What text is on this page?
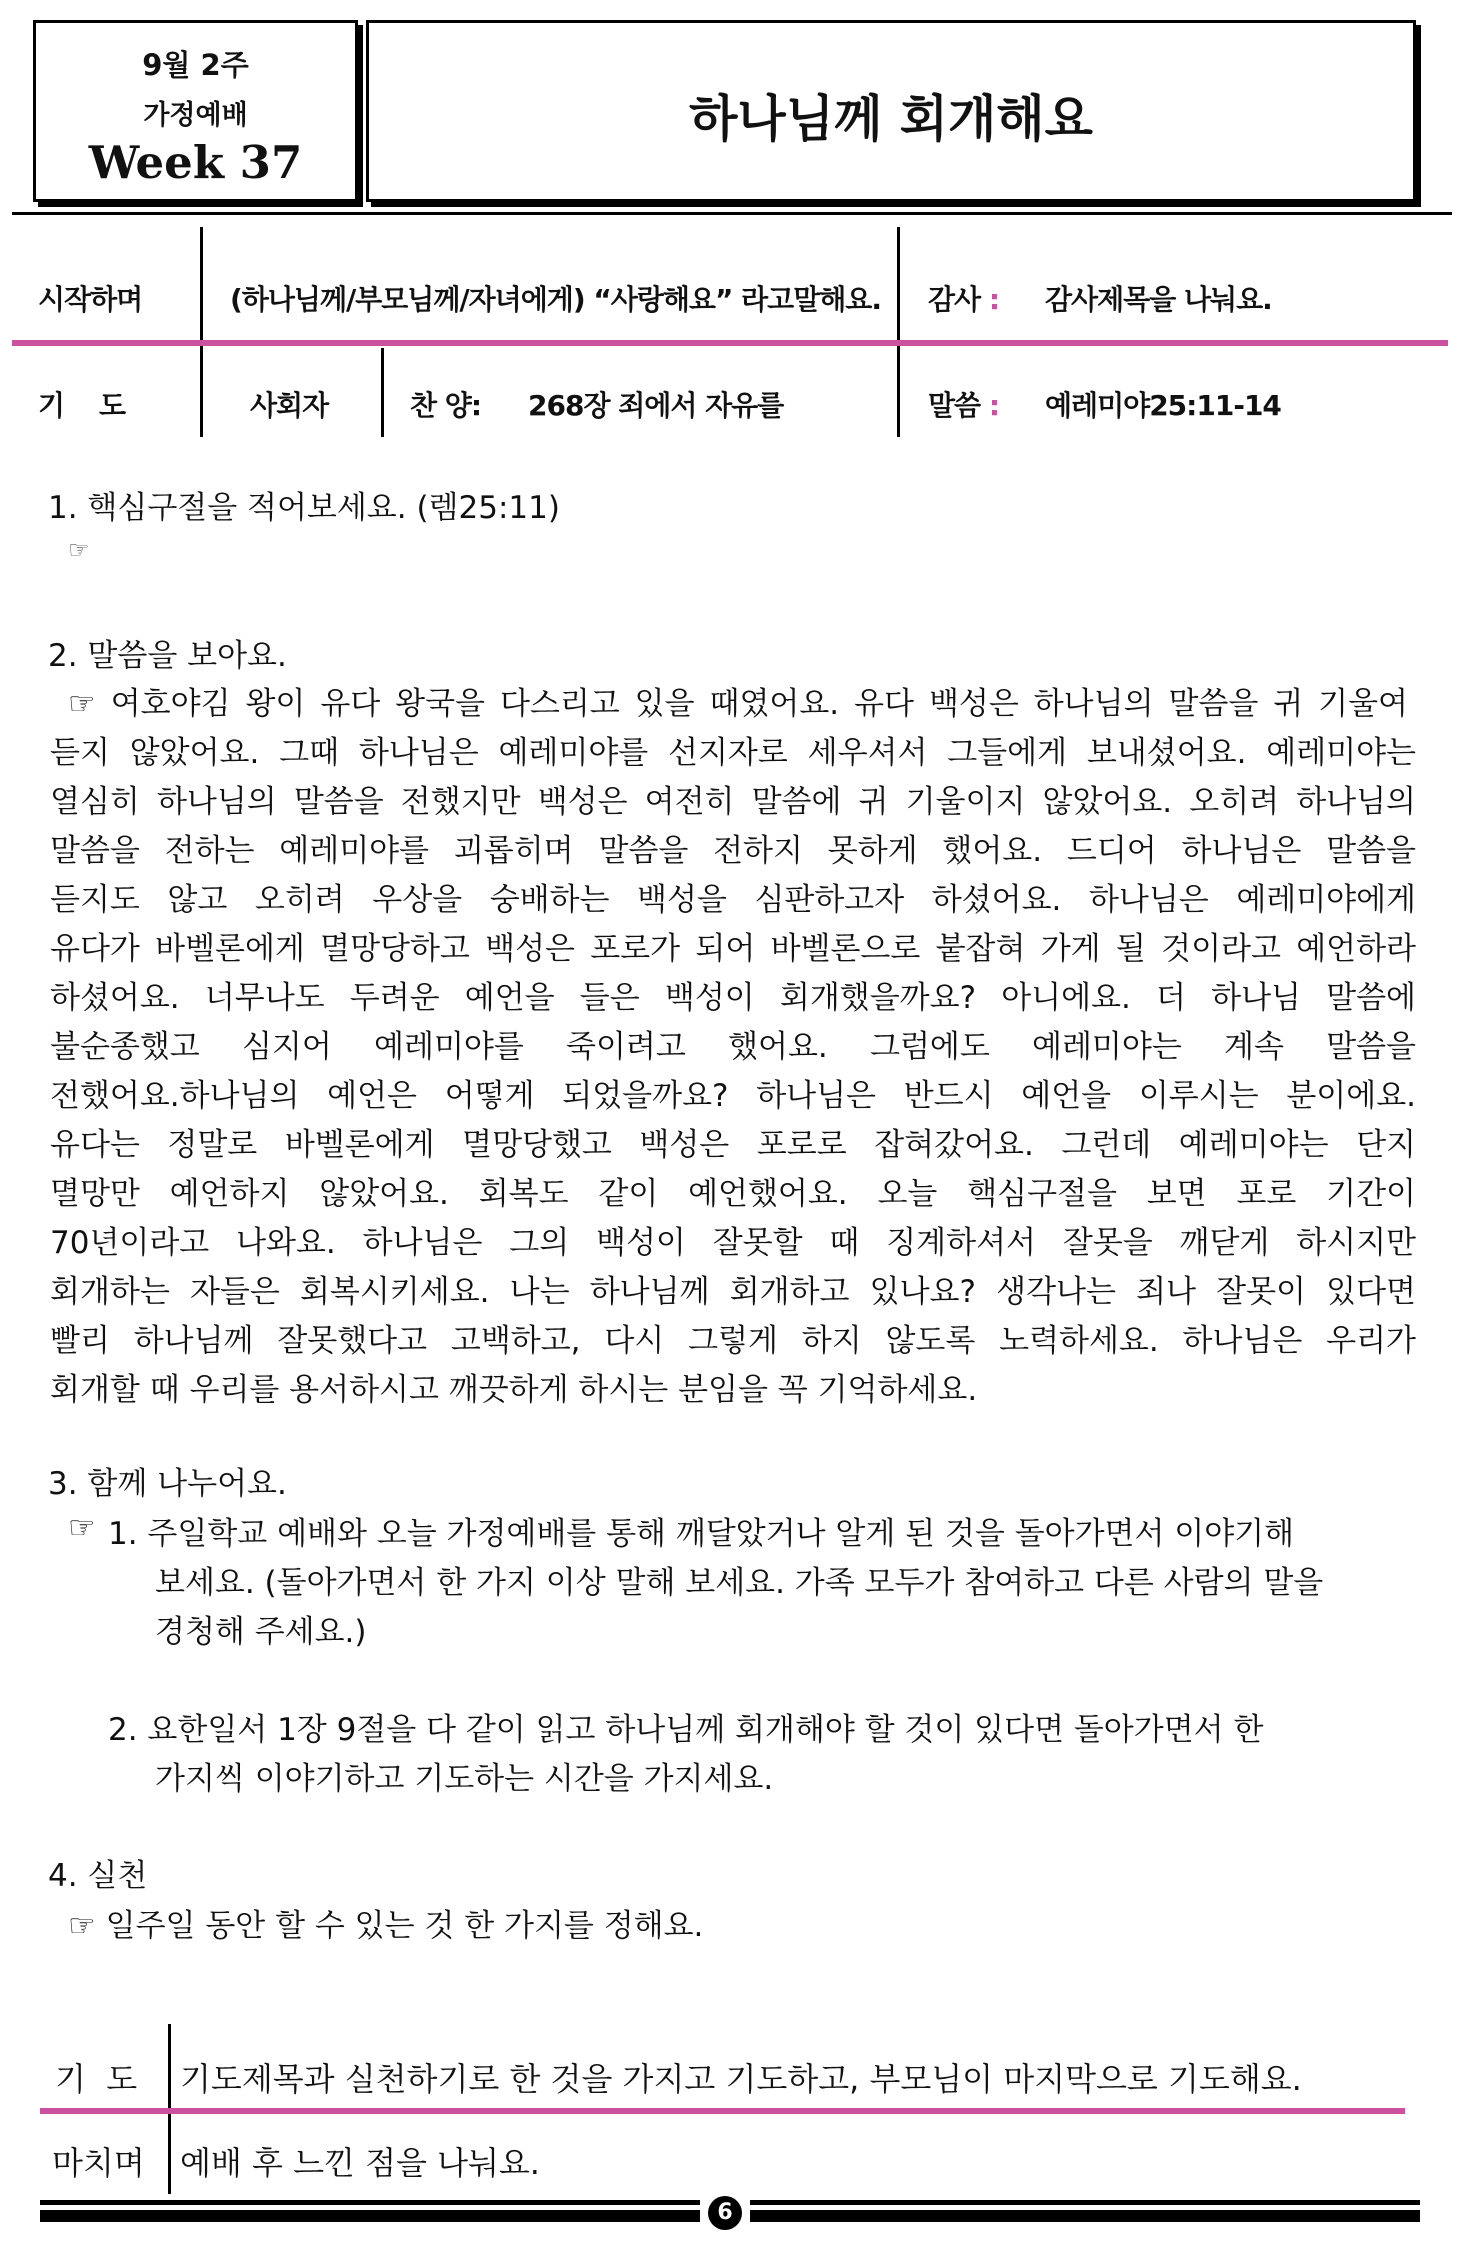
9월 2주
가정예배
Week 37
하나님께 회개해요
시작하며	(하나님께/부모님께/자녀에게) “사랑해요” 라고말해요. 감사 : 감사제목을 나눠요.
기    도	사회자	찬 양: 268장 죄에서 자유를	말씀 : 예레미야25:11-14
1. 핵심구절을 적어보세요. (렘25:11)
☞
2. 말씀을 보아요.
☞ 여호야김 왕이 유다 왕국을 다스리고 있을 때였어요. 유다 백성은 하나님의 말씀을 귀 기울여
듣지 않았어요. 그때 하나님은 예레미야를 선지자로 세우셔서 그들에게 보내셨어요. 예레미야는
열심히 하나님의 말씀을 전했지만 백성은 여전히 말씀에 귀 기울이지 않았어요. 오히려 하나님의
말씀을 전하는 예레미야를 괴롭히며 말씀을 전하지 못하게 했어요. 드디어 하나님은 말씀을
듣지도 않고 오히려 우상을 숭배하는 백성을 심판하고자 하셨어요. 하나님은 예레미야에게
유다가 바벨론에게 멸망당하고 백성은 포로가 되어 바벨론으로 붙잡혀 가게 될 것이라고 예언하라
하셨어요. 너무나도 두려운 예언을 들은 백성이 회개했을까요? 아니에요. 더 하나님 말씀에
불순종했고 심지어 예레미야를 죽이려고 했어요. 그럼에도 예레미야는 계속 말씀을
전했어요.하나님의 예언은 어떻게 되었을까요? 하나님은 반드시 예언을 이루시는 분이에요.
유다는 정말로 바벨론에게 멸망당했고 백성은 포로로 잡혀갔어요. 그런데 예레미야는 단지
멸망만 예언하지 않았어요. 회복도 같이 예언했어요. 오늘 핵심구절을 보면 포로 기간이
70년이라고 나와요. 하나님은 그의 백성이 잘못할 때 징계하셔서 잘못을 깨닫게 하시지만
회개하는 자들은 회복시키세요. 나는 하나님께 회개하고 있나요? 생각나는 죄나 잘못이 있다면
빨리 하나님께 잘못했다고 고백하고, 다시 그렇게 하지 않도록 노력하세요. 하나님은 우리가
회개할 때 우리를 용서하시고 깨끗하게 하시는 분임을 꼭 기억하세요.
3. 함께 나누어요.
☞ 1. 주일학교 예배와 오늘 가정예배를 통해 깨달았거나 알게 된 것을 돌아가면서 이야기해
보세요. (돌아가면서 한 가지 이상 말해 보세요. 가족 모두가 참여하고 다른 사람의 말을
경청해 주세요.)
2. 요한일서 1장 9절을 다 같이 읽고 하나님께 회개해야 할 것이 있다면 돌아가면서 한
가지씩 이야기하고 기도하는 시간을 가지세요.
4. 실천
☞ 일주일 동안 할 수 있는 것 한 가지를 정해요.
기  도 기도제목과 실천하기로 한 것을 가지고 기도하고, 부모님이 마지막으로 기도해요.
마치며 예배 후 느낀 점을 나눠요.
6
